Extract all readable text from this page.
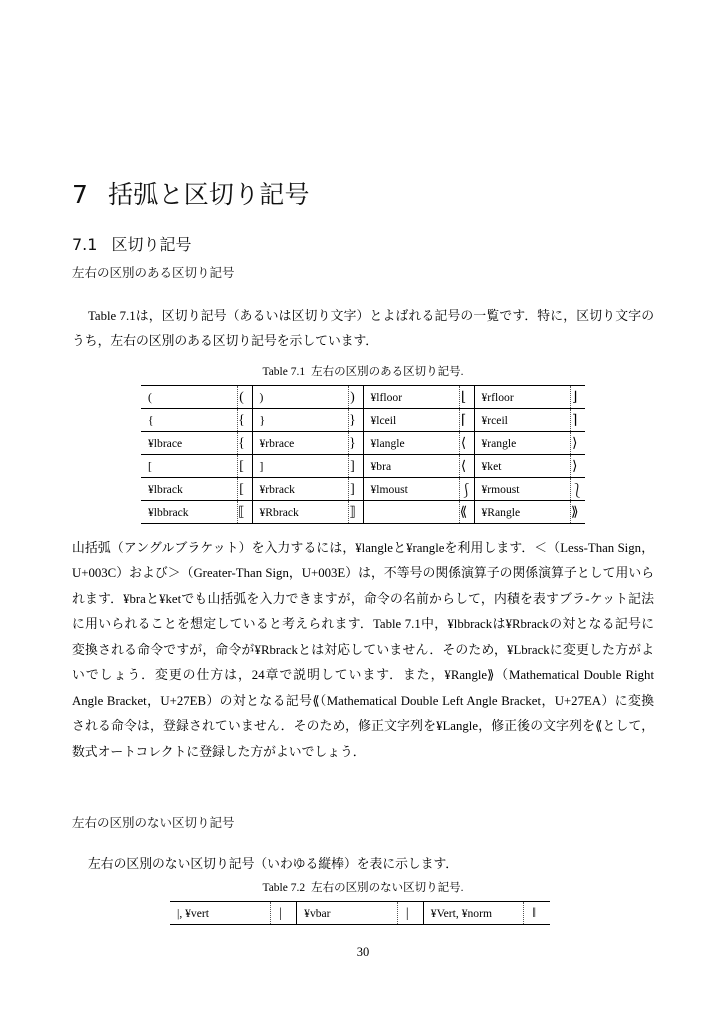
7 括弧と区切り記号
7.1 区切り記号
左右の区別のある区切り記号

Table 7.1は，区切り記号（あるいは区切り文字）とよばれる記号の一覧です．特に，区切り文字のうち，左右の区別のある区切り記号を示しています．

Table 7.1 左右の区別のある区切り記号.
(	(	)	)	¥lfloor	⌊	¥rfloor	⌋
{	{	}	}	¥lceil	⌈	¥rceil	⌉
¥lbrace	{	¥rbrace	}	¥langle	⟨	¥rangle	⟩
[	[	]	]	¥bra	⟨	¥ket	⟩
¥lbrack	[	¥rbrack	]	¥lmoust	⎰	¥rmoust	⎱
¥lbbrack	⟦	¥Rbrack	⟧		⟪	¥Rangle	⟫

山括弧（アングルブラケット）を入力するには，¥langleと¥rangleを利用します．＜（Less-Than Sign，U+003C）および＞（Greater-Than Sign，U+003E）は，不等号の関係演算子の関係演算子として用いられます．¥braと¥ketでも山括弧を入力できますが，命令の名前からして，内積を表すブラ-ケット記法に用いられることを想定していると考えられます．Table 7.1中，¥lbbrackは¥Rbrackの対となる記号に変換される命令ですが，命令が¥Rbrackとは対応していません．そのため，¥Lbrackに変更した方がよいでしょう．変更の仕方は，24章で説明しています．また，¥Rangle⟫（Mathematical Double Right Angle Bracket，U+27EB）の対となる記号⟪（Mathematical Double Left Angle Bracket，U+27EA）に変換される命令は，登録されていません．そのため，修正文字列を¥Langle，修正後の文字列を⟪として，数式オートコレクトに登録した方がよいでしょう．

左右の区別のない区切り記号

左右の区別のない区切り記号（いわゆる縦棒）を表に示します．

Table 7.2 左右の区別のない区切り記号.
|, ¥vert	|	¥vbar	|	¥Vert, ¥norm	‖
30
